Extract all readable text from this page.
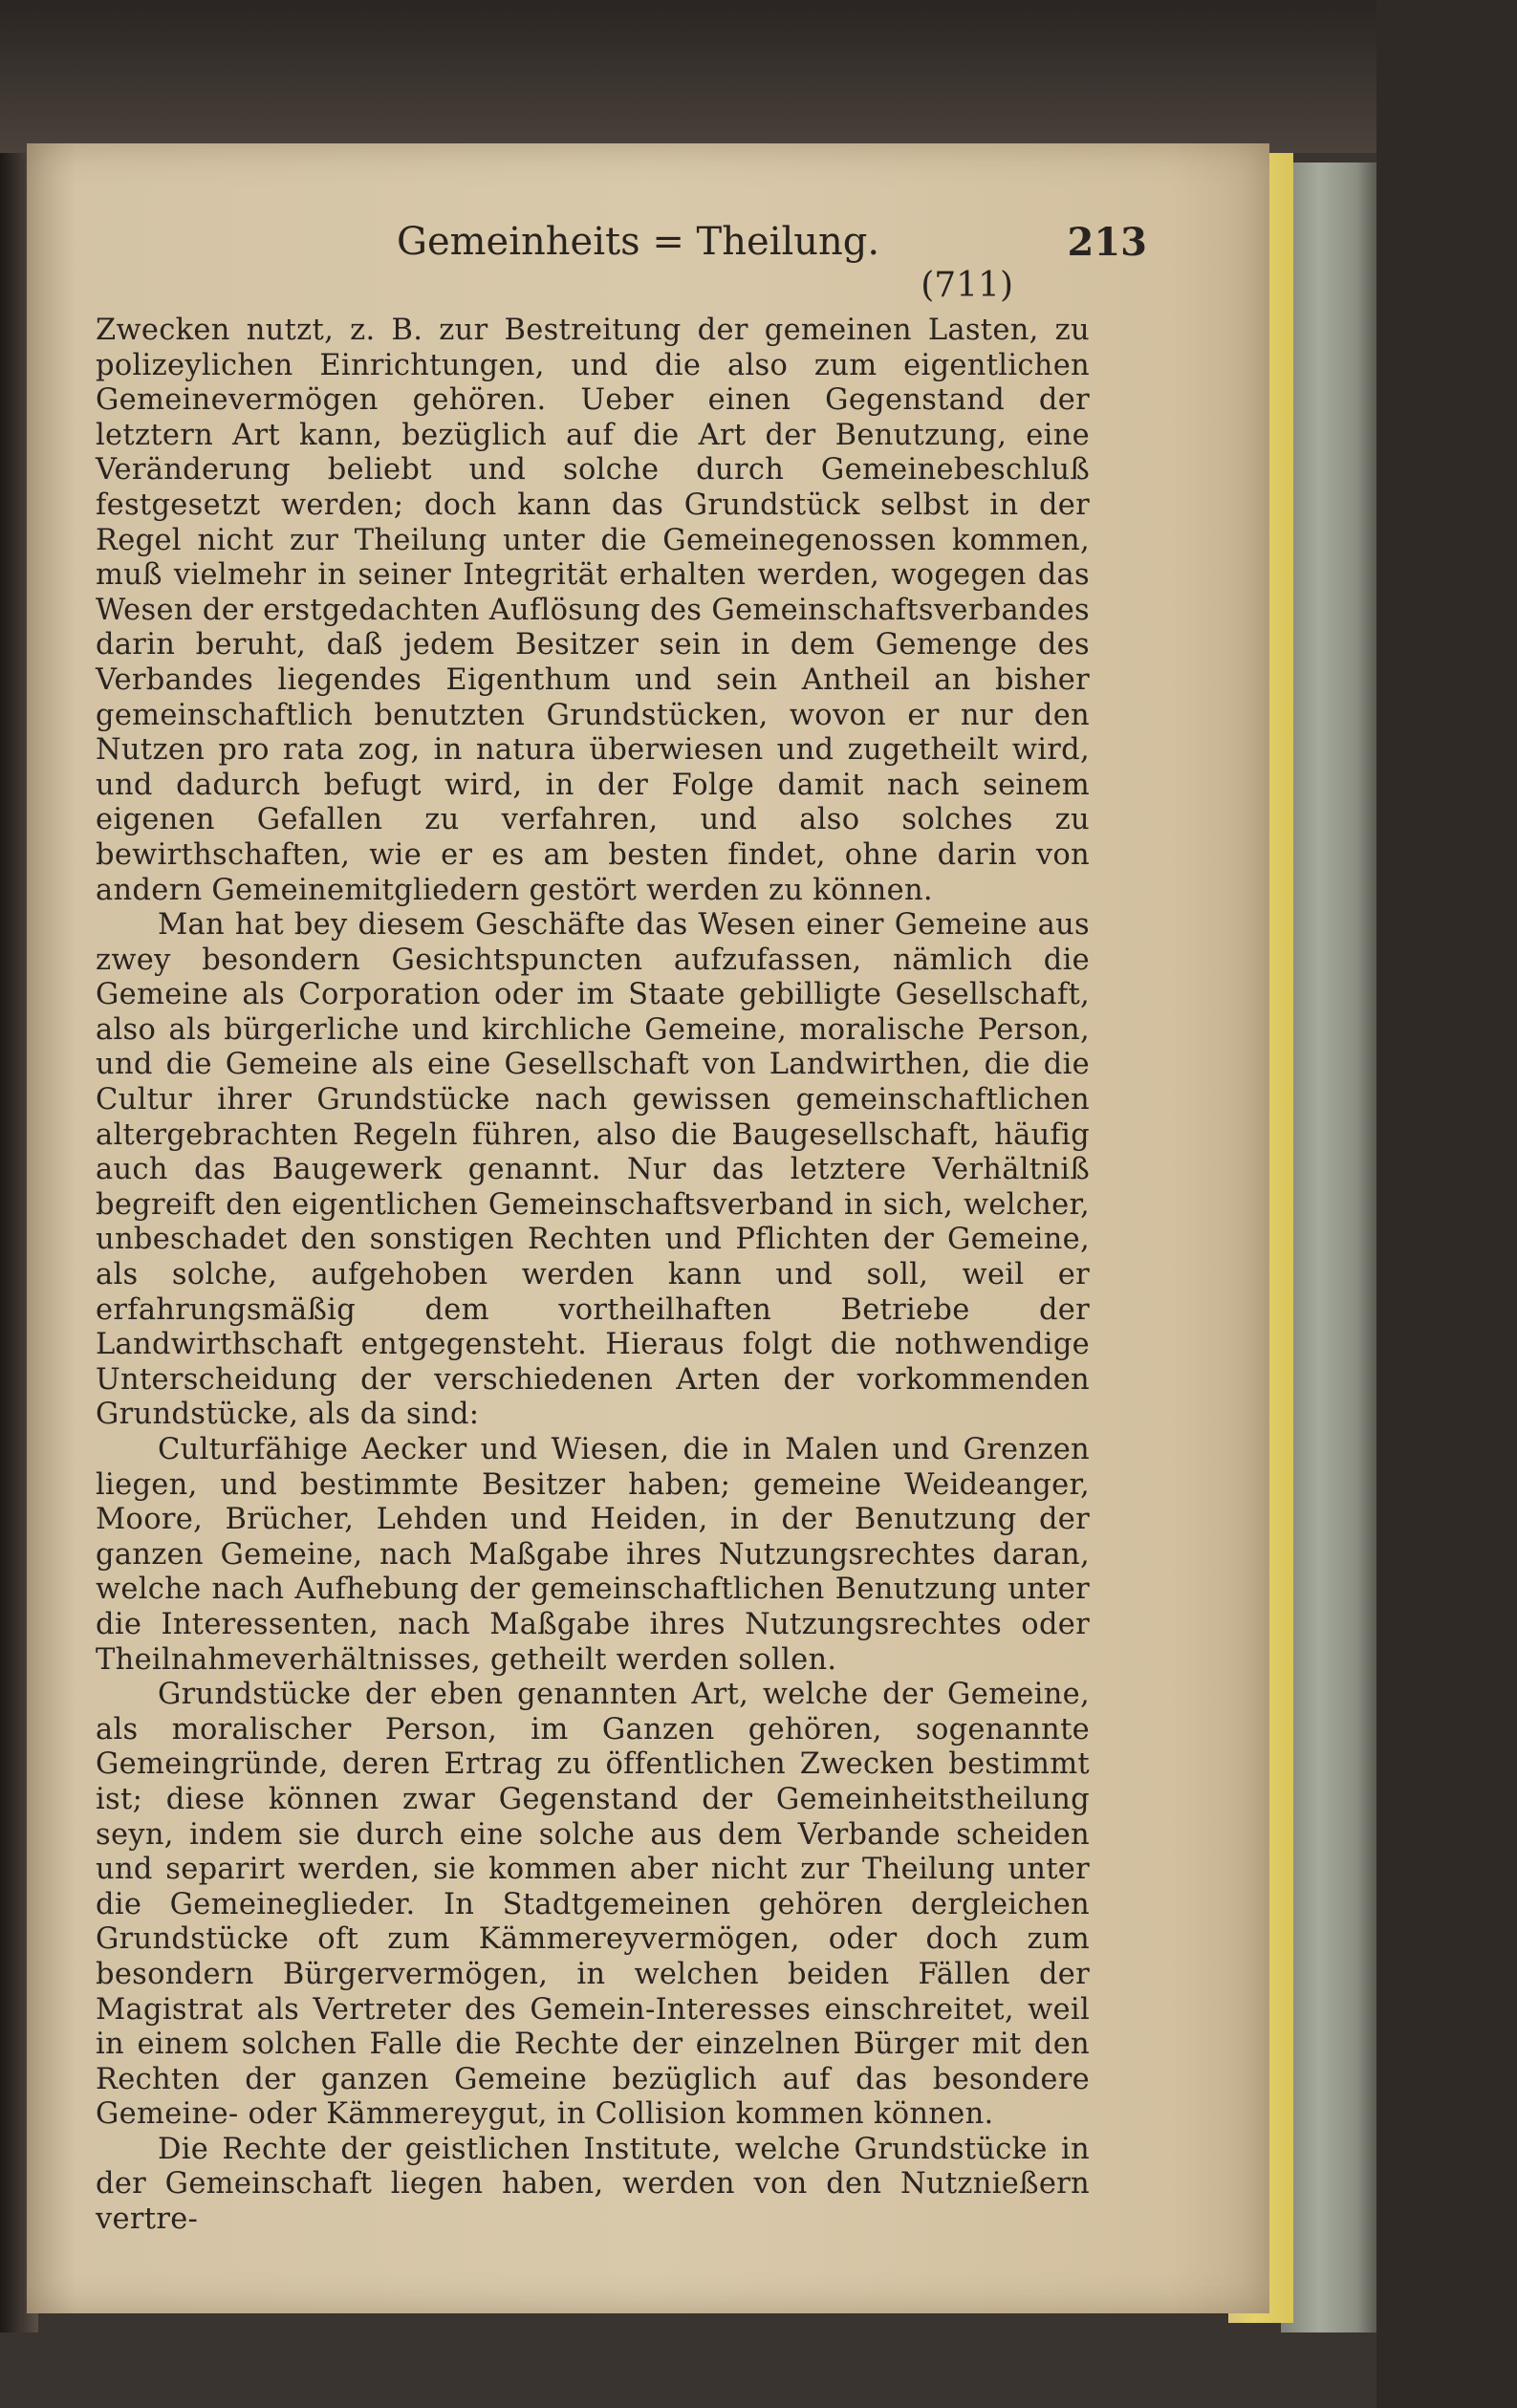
Gemeinheits = Theilung.	213
(711)

Zwecken nutzt, z. B. zur Bestreitung der gemeinen Lasten, zu polizeylichen Einrichtungen, und die also zum eigentlichen Gemeinevermögen gehören. Ueber einen Gegenstand der letztern Art kann, bezüglich auf die Art der Benutzung, eine Veränderung beliebt und solche durch Gemeinebeschluß festgesetzt werden; doch kann das Grundstück selbst in der Regel nicht zur Theilung unter die Gemeinegenossen kommen, muß vielmehr in seiner Integrität erhalten werden, wogegen das Wesen der erstgedachten Auflösung des Gemeinschaftsverbandes darin beruht, daß jedem Besitzer sein in dem Gemenge des Verbandes liegendes Eigenthum und sein Antheil an bisher gemeinschaftlich benutzten Grundstücken, wovon er nur den Nutzen pro rata zog, in natura überwiesen und zugetheilt wird, und dadurch befugt wird, in der Folge damit nach seinem eigenen Gefallen zu verfahren, und also solches zu bewirthschaften, wie er es am besten findet, ohne darin von andern Gemeinemitgliedern gestört werden zu können.

Man hat bey diesem Geschäfte das Wesen einer Gemeine aus zwey besondern Gesichtspuncten aufzufassen, nämlich die Gemeine als Corporation oder im Staate gebilligte Gesellschaft, also als bürgerliche und kirchliche Gemeine, moralische Person, und die Gemeine als eine Gesellschaft von Landwirthen, die die Cultur ihrer Grundstücke nach gewissen gemeinschaftlichen altergebrachten Regeln führen, also die Baugesellschaft, häufig auch das Baugewerk genannt. Nur das letztere Verhältniß begreift den eigentlichen Gemeinschaftsverband in sich, welcher, unbeschadet den sonstigen Rechten und Pflichten der Gemeine, als solche, aufgehoben werden kann und soll, weil er erfahrungsmäßig dem vortheilhaften Betriebe der Landwirthschaft entgegensteht. Hieraus folgt die nothwendige Unterscheidung der verschiedenen Arten der vorkommenden Grundstücke, als da sind:

Culturfähige Aecker und Wiesen, die in Malen und Grenzen liegen, und bestimmte Besitzer haben; gemeine Weideanger, Moore, Brücher, Lehden und Heiden, in der Benutzung der ganzen Gemeine, nach Maßgabe ihres Nutzungsrechtes daran, welche nach Aufhebung der gemeinschaftlichen Benutzung unter die Interessenten, nach Maßgabe ihres Nutzungsrechtes oder Theilnahmeverhältnisses, getheilt werden sollen.

Grundstücke der eben genannten Art, welche der Gemeine, als moralischer Person, im Ganzen gehören, sogenannte Gemeingründe, deren Ertrag zu öffentlichen Zwecken bestimmt ist; diese können zwar Gegenstand der Gemeinheitstheilung seyn, indem sie durch eine solche aus dem Verbande scheiden und separirt werden, sie kommen aber nicht zur Theilung unter die Gemeineglieder. In Stadtgemeinen gehören dergleichen Grundstücke oft zum Kämmereyvermögen, oder doch zum besondern Bürgervermögen, in welchen beiden Fällen der Magistrat als Vertreter des Gemein-Interesses einschreitet, weil in einem solchen Falle die Rechte der einzelnen Bürger mit den Rechten der ganzen Gemeine bezüglich auf das besondere Gemeine- oder Kämmereygut, in Collision kommen können.

Die Rechte der geistlichen Institute, welche Grundstücke in der Gemeinschaft liegen haben, werden von den Nutznießern vertre-
